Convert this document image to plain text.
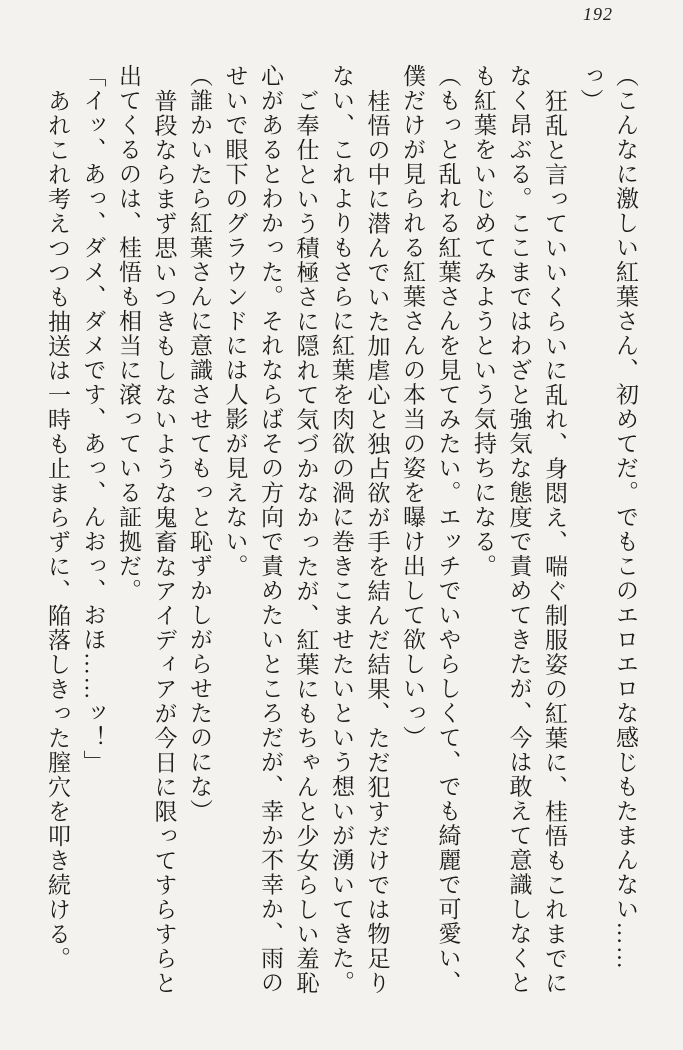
192
（こんなに激しい紅葉さん、初めてだ。でもこのエロエロな感じもたまんない……
っ）
狂乱と言っていいくらいに乱れ、身悶え、喘ぐ制服姿の紅葉に、桂悟もこれまでに
なく昂ぶる。ここまではわざと強気な態度で責めてきたが、今は敢えて意識しなくと
も紅葉をいじめてみようという気持ちになる。
（もっと乱れる紅葉さんを見てみたい。エッチでいやらしくて、でも綺麗で可愛い、
僕だけが見られる紅葉さんの本当の姿を曝け出して欲しいっ）
桂悟の中に潜んでいた加虐心と独占欲が手を結んだ結果、ただ犯すだけでは物足り
ない、これよりもさらに紅葉を肉欲の渦に巻きこませたいという想いが湧いてきた。
ご奉仕という積極さに隠れて気づかなかったが、紅葉にもちゃんと少女らしい羞恥
心があるとわかった。それならばその方向で責めたいところだが、幸か不幸か、雨の
せいで眼下のグラウンドには人影が見えない。
（誰かいたら紅葉さんに意識させてもっと恥ずかしがらせたのにな）
普段ならまず思いつきもしないような鬼畜なアイディアが今日に限ってすらすらと
出てくるのは、桂悟も相当に滾っている証拠だ。
「イッ、あっ、ダメ、ダメです、あっ、んおっ、おほ……ッ！」
あれこれ考えつつも抽送は一時も止まらずに、陥落しきった膣穴を叩き続ける。
